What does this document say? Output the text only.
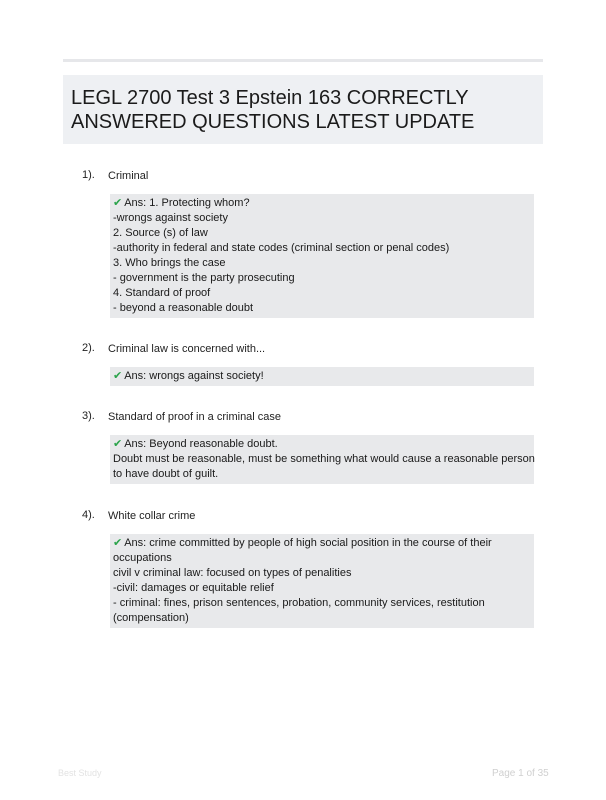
LEGL 2700 Test 3 Epstein 163 CORRECTLY ANSWERED QUESTIONS LATEST UPDATE
1). Criminal
✔ Ans: 1. Protecting whom?
-wrongs against society
2. Source (s) of law
-authority in federal and state codes (criminal section or penal codes)
3. Who brings the case
- government is the party prosecuting
4. Standard of proof
- beyond a reasonable doubt
2). Criminal law is concerned with...
✔ Ans: wrongs against society!
3). Standard of proof in a criminal case
✔ Ans: Beyond reasonable doubt.
Doubt must be reasonable, must be something what would cause a reasonable person
to have doubt of guilt.
4). White collar crime
✔ Ans: crime committed by people of high social position in the course of their
occupations
civil v criminal law: focused on types of penalities
-civil: damages or equitable relief
- criminal: fines, prison sentences, probation, community services, restitution
(compensation)
Best Study	Page 1 of 35
